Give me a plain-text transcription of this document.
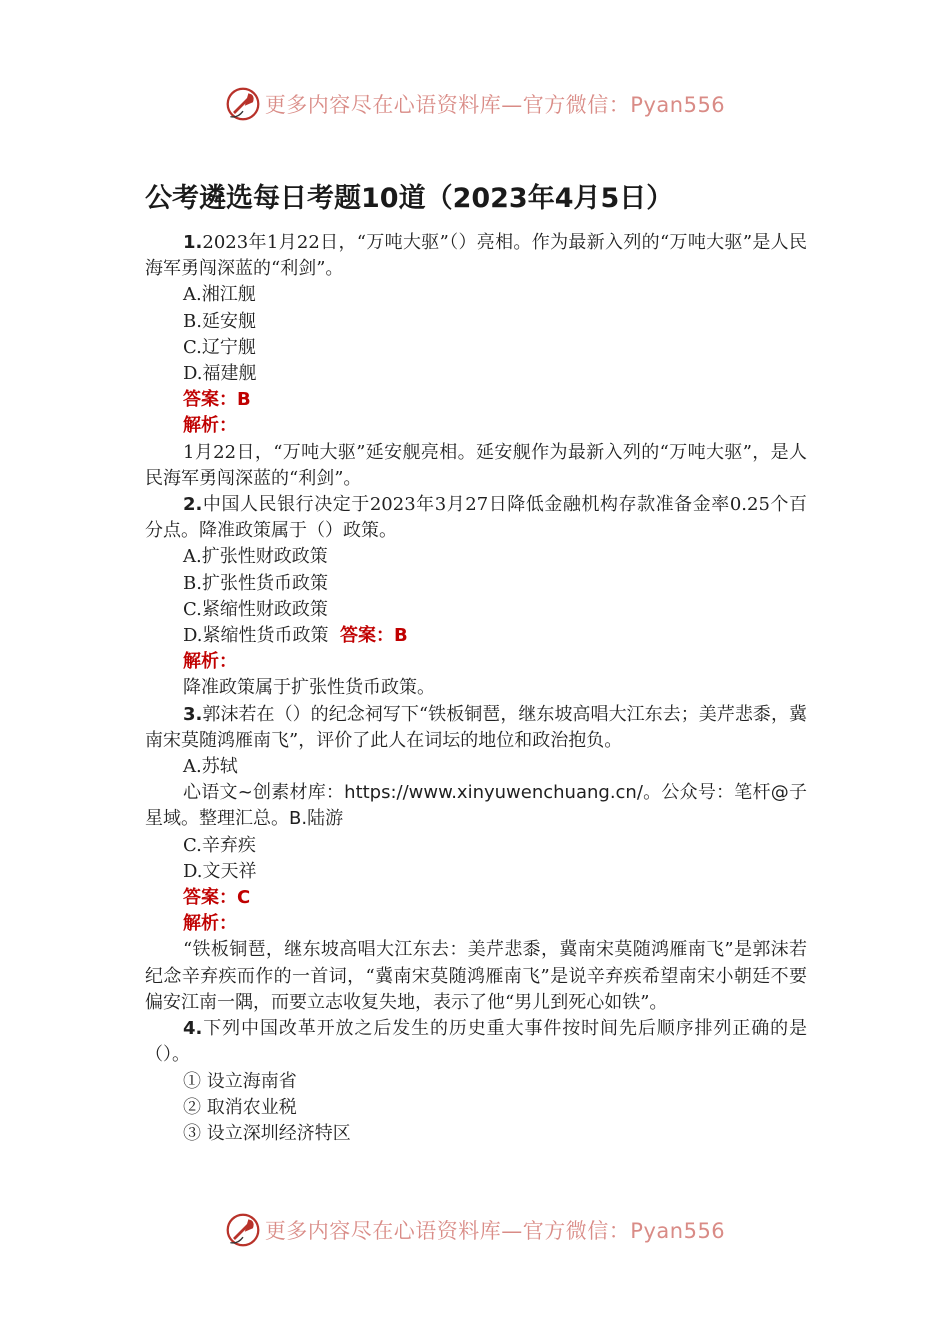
更多内容尽在心语资料库—官方微信：Pyan556
公考遴选每日考题10道（2023年4月5日）

1.2023年1月22日，“万吨大驱”（）亮相。作为最新入列的“万吨大驱”是人民海军勇闯深蓝的“利剑”。

A.湘江舰

B.延安舰

C.辽宁舰

D.福建舰

答案：B

解析：

1月22日，“万吨大驱”延安舰亮相。延安舰作为最新入列的“万吨大驱”，是人民海军勇闯深蓝的“利剑”。

2.中国人民银行决定于2023年3月27日降低金融机构存款准备金率0.25个百分点。降准政策属于（）政策。

A.扩张性财政政策

B.扩张性货币政策

C.紧缩性财政政策

D.紧缩性货币政策 答案：B

解析：

降准政策属于扩张性货币政策。

3.郭沫若在（）的纪念祠写下“铁板铜琶，继东坡高唱大江东去；美芹悲黍，冀南宋莫随鸿雁南飞”，评价了此人在词坛的地位和政治抱负。

A.苏轼

心语文~创素材库：https://www.xinyuwenchuang.cn/。公众号：笔杆@子星域。整理汇总。B.陆游

C.辛弃疾

D.文天祥

答案：C

解析：

“铁板铜琶，继东坡高唱大江东去：美芹悲黍，冀南宋莫随鸿雁南飞”是郭沫若纪念辛弃疾而作的一首词，“冀南宋莫随鸿雁南飞”是说辛弃疾希望南宋小朝廷不要偏安江南一隅，而要立志收复失地，表示了他“男儿到死心如铁”。

4.下列中国改革开放之后发生的历史重大事件按时间先后顺序排列正确的是（）。

① 设立海南省

② 取消农业税

③ 设立深圳经济特区

更多内容尽在心语资料库—官方微信：Pyan556
